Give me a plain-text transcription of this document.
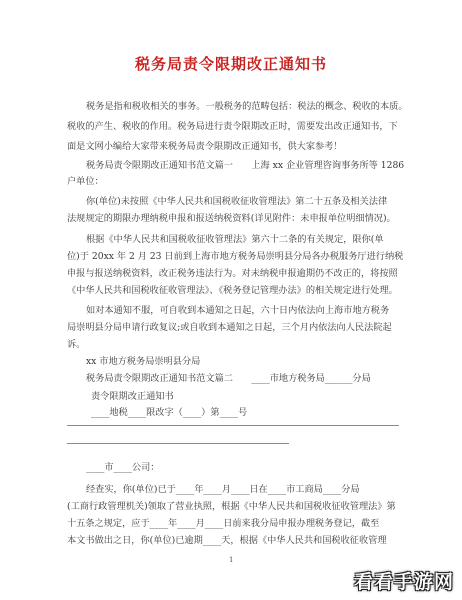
税务局责令限期改正通知书
税务是指和税收相关的事务。一般税务的范畴包括：税法的概念、税收的本质。
税收的产生、税收的作用。税务局进行责令限期改正时，需要发出改正通知书，下
面是文网小编给大家带来税务局责令限期改正通知书，供大家参考！
税务局责令限期改正通知书范文篇一　　上海 xx 企业管理咨询事务所等 1286
户单位：
你(单位)未按照《中华人民共和国税收征收管理法》第二十五条及相关法律
法规规定的期限办理纳税申报和报送纳税资料(详见附件：未申报单位明细情况)。
根据《中华人民共和国税收征收管理法》第六十二条的有关规定，限你(单
位)于 20xx 年 2 月 23 日前到上海市地方税务局崇明县分局各办税服务厅进行纳税
申报与报送纳税资料，改正税务违法行为。对未纳税申报逾期仍不改正的，将按照
《中华人民共和国税收征收管理法》、《税务登记管理办法》的相关规定进行处理。
如对本通知不服，可自收到本通知之日起，六十日内依法向上海市地方税务
局崇明县分局申请行政复议;或自收到本通知之日起，三个月内依法向人民法院起
诉。
xx 市地方税务局崇明县分局
税务局责令限期改正通知书范文篇二　　____市地方税务局______分局
责令限期改正通知书
____地税____限改字（____）第____号
____市____公司：
经查实，你(单位)已于____年____月____日在____市工商局____分局
(工商行政管理机关)领取了营业执照，根据《中华人民共和国税收征收管理法》第
十五条之规定，应于____年____月____日前来我分局申报办理税务登记，截至
本文书做出之日，你(单位)已逾期____天，根据《中华人民共和国税收征收管理
1
看看手游网
